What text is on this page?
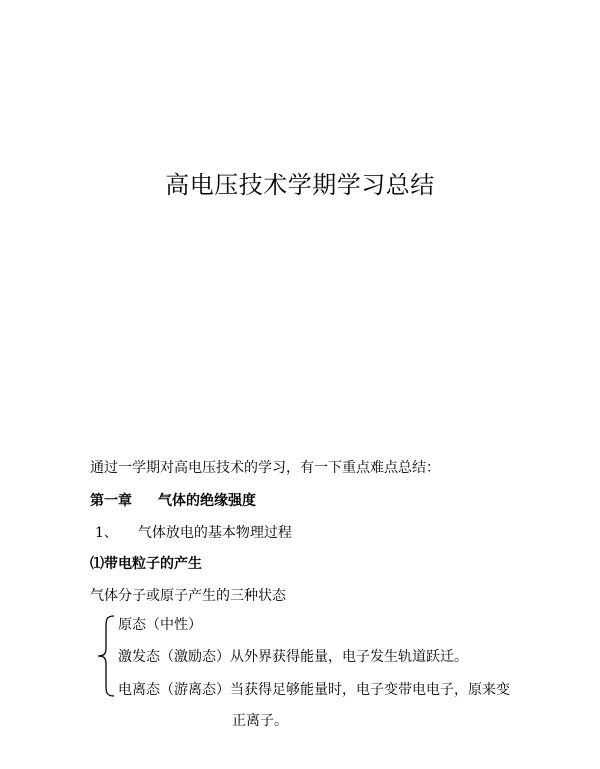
高电压技术学期学习总结
通过一学期对高电压技术的学习，有一下重点难点总结：
第一章 气体的绝缘强度
1、 气体放电的基本物理过程
⑴带电粒子的产生
气体分子或原子产生的三种状态
原态（中性）
激发态（激励态）从外界获得能量，电子发生轨道跃迁。
电离态（游离态）当获得足够能量时，电子变带电电子，原来变
正离子。
